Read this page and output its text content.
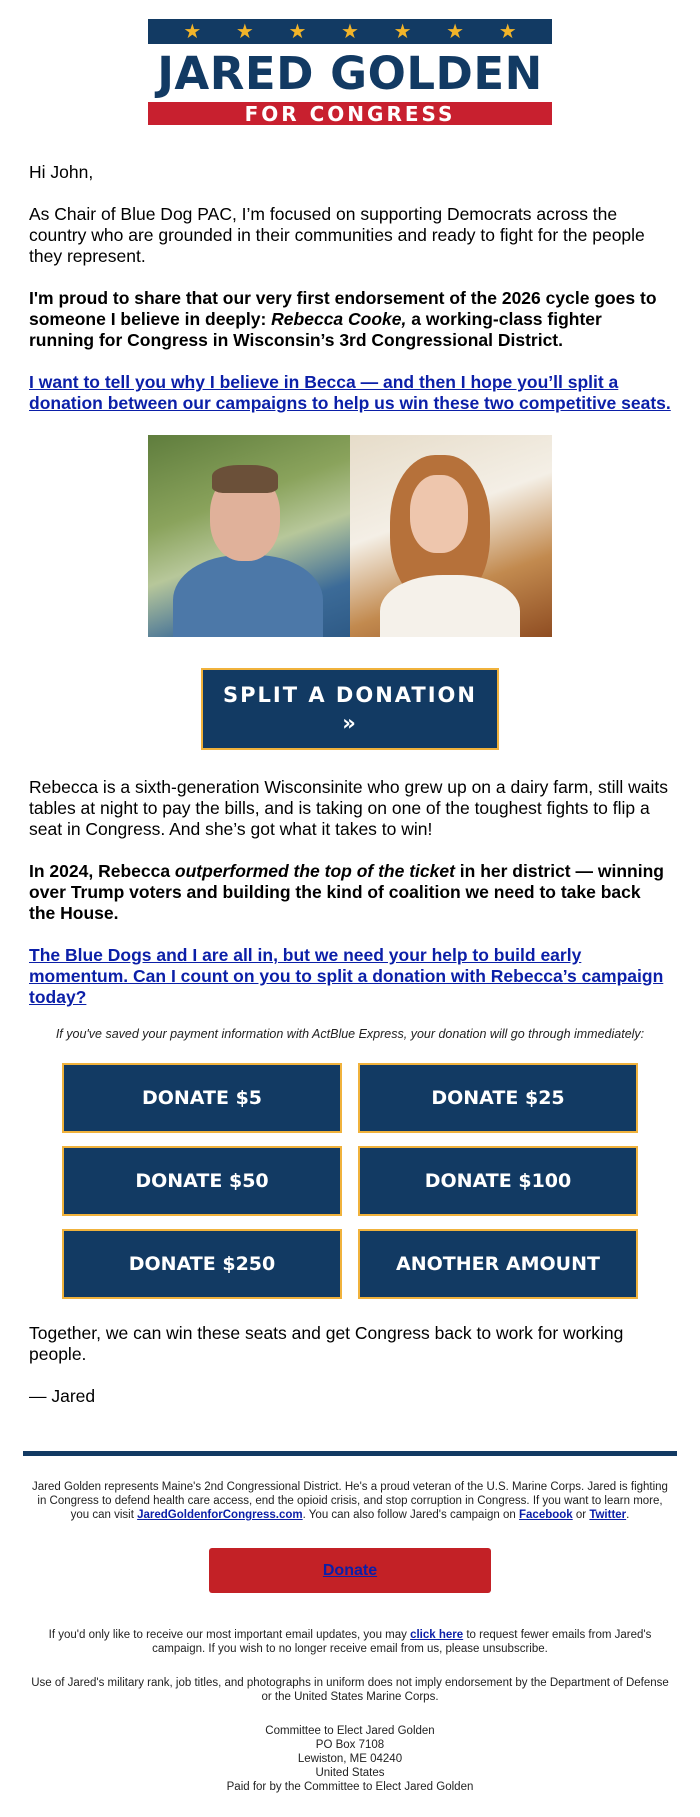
★ ★ ★ ★ ★ ★ ★
JARED GOLDEN
FOR CONGRESS

Hi John,

As Chair of Blue Dog PAC, I’m focused on supporting Democrats across the country who are grounded in their communities and ready to fight for the people they represent.

I'm proud to share that our very first endorsement of the 2026 cycle goes to someone I believe in deeply: Rebecca Cooke, a working-class fighter running for Congress in Wisconsin’s 3rd Congressional District.

I want to tell you why I believe in Becca — and then I hope you’ll split a donation between our campaigns to help us win these two competitive seats.
SPLIT A DONATION
»

Rebecca is a sixth-generation Wisconsinite who grew up on a dairy farm, still waits tables at night to pay the bills, and is taking on one of the toughest fights to flip a seat in Congress. And she’s got what it takes to win!

In 2024, Rebecca outperformed the top of the ticket in her district — winning over Trump voters and building the kind of coalition we need to take back the House.

The Blue Dogs and I are all in, but we need your help to build early momentum. Can I count on you to split a donation with Rebecca’s campaign today?

If you've saved your payment information with ActBlue Express, your donation will go through immediately:

DONATE $5	DONATE $25
DONATE $50	DONATE $100
DONATE $250	ANOTHER AMOUNT

Together, we can win these seats and get Congress back to work for working people.

— Jared

Jared Golden represents Maine's 2nd Congressional District. He's a proud veteran of the U.S. Marine Corps. Jared is fighting in Congress to defend health care access, end the opioid crisis, and stop corruption in Congress. If you want to learn more, you can visit JaredGoldenforCongress.com. You can also follow Jared's campaign on Facebook or Twitter.

Donate

If you'd only like to receive our most important email updates, you may click here to request fewer emails from Jared's campaign. If you wish to no longer receive email from us, please unsubscribe.

Use of Jared's military rank, job titles, and photographs in uniform does not imply endorsement by the Department of Defense or the United States Marine Corps.

Committee to Elect Jared Golden
PO Box 7108
Lewiston, ME 04240
United States
Paid for by the Committee to Elect Jared Golden
